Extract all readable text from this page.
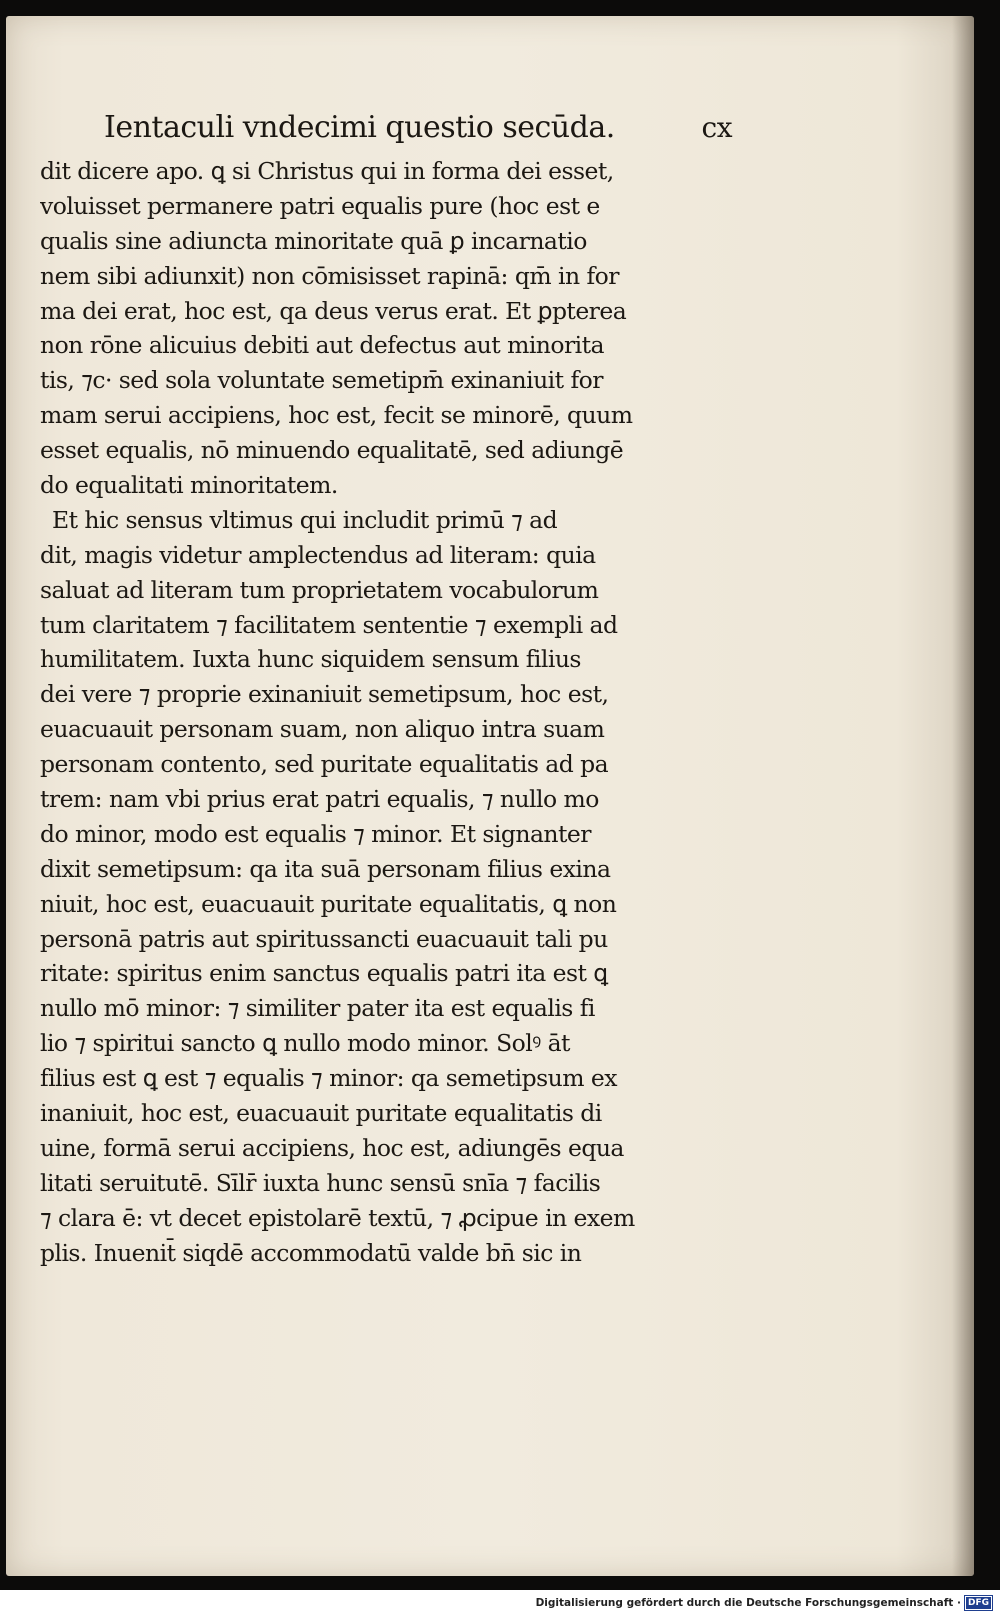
Ientaculi vndecimi questio secūda.	cx
dit dicere apo. ꝗ si Christus qui in forma dei esset,
voluisset permanere patri equalis pure (hoc est e
qualis sine adiuncta minoritate quā ꝑ incarnatio
nem sibi adiunxit) non cōmisisset rapinā: qm̄ in for
ma dei erat, hoc est, qa deus verus erat. Et ꝑpterea
non rōne alicuius debiti aut defectus aut minorita
tis, ⁊c· sed sola voluntate semetipm̄ exinaniuit for
mam serui accipiens, hoc est, fecit se minorē, quum
esset equalis, nō minuendo equalitatē, sed adiungē
do equalitati minoritatem.
Et hic sensus vltimus qui includit primū ⁊ ad
dit, magis videtur amplectendus ad literam: quia
saluat ad literam tum proprietatem vocabulorum
tum claritatem ⁊ facilitatem sententie ⁊ exempli ad
humilitatem. Iuxta hunc siquidem sensum filius
dei vere ⁊ proprie exinaniuit semetipsum, hoc est,
euacuauit personam suam, non aliquo intra suam
personam contento, sed puritate equalitatis ad pa
trem: nam vbi prius erat patri equalis, ⁊ nullo mo
do minor, modo est equalis ⁊ minor. Et signanter
dixit semetipsum: qa ita suā personam filius exina
niuit, hoc est, euacuauit puritate equalitatis, ꝗ non
personā patris aut spiritussancti euacuauit tali pu
ritate: spiritus enim sanctus equalis patri ita est ꝗ
nullo mō minor: ⁊ similiter pater ita est equalis fi
lio ⁊ spiritui sancto ꝗ nullo modo minor. Solꝰ āt
filius est ꝗ est ⁊ equalis ⁊ minor: qa semetipsum ex
inaniuit, hoc est, euacuauit puritate equalitatis di
uine, formā serui accipiens, hoc est, adiungēs equa
litati seruitutē. Sīlr̄ iuxta hunc sensū snīa ⁊ facilis
⁊ clara ē: vt decet epistolarē textū, ⁊ ꝓcipue in exem
plis. Inuenit̄ siqdē accommodatū valde bn̄ sic in
Digitalisierung gefördert durch die Deutsche Forschungsgemeinschaft · DFG
